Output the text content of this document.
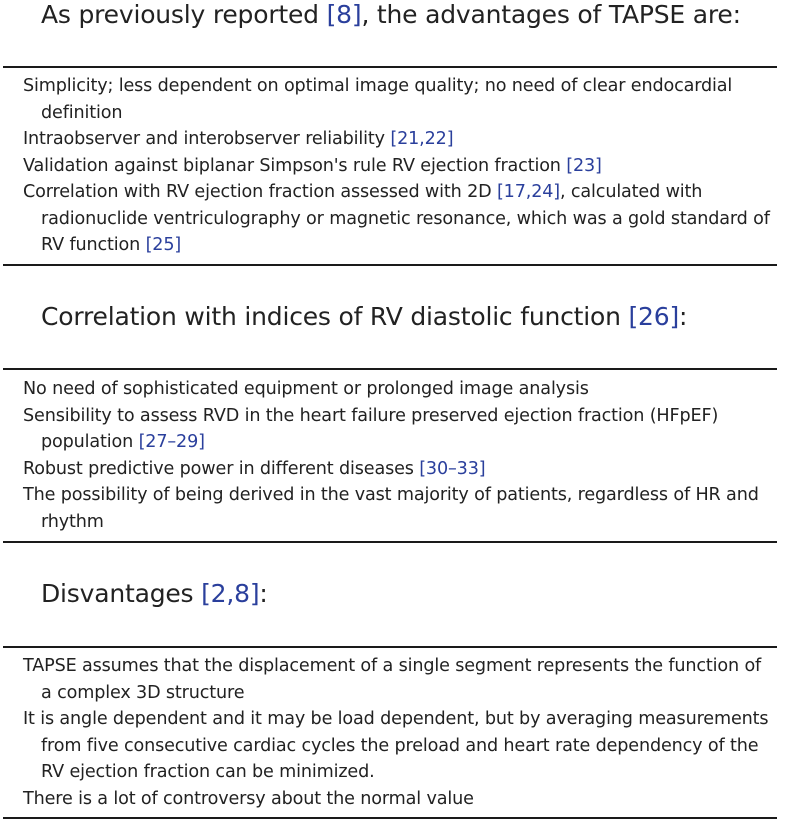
As previously reported [8], the advantages of TAPSE are:
Simplicity; less dependent on optimal image quality; no need of clear endocardial definition
Intraobserver and interobserver reliability [21,22]
Validation against biplanar Simpson's rule RV ejection fraction [23]
Correlation with RV ejection fraction assessed with 2D [17,24], calculated with radionuclide ventriculography or magnetic resonance, which was a gold standard of RV function [25]
Correlation with indices of RV diastolic function [26]:
No need of sophisticated equipment or prolonged image analysis
Sensibility to assess RVD in the heart failure preserved ejection fraction (HFpEF) population [27–29]
Robust predictive power in different diseases [30–33]
The possibility of being derived in the vast majority of patients, regardless of HR and rhythm
Disvantages [2,8]:
TAPSE assumes that the displacement of a single segment represents the function of a complex 3D structure
It is angle dependent and it may be load dependent, but by averaging measurements from five consecutive cardiac cycles the preload and heart rate dependency of the RV ejection fraction can be minimized.
There is a lot of controversy about the normal value
